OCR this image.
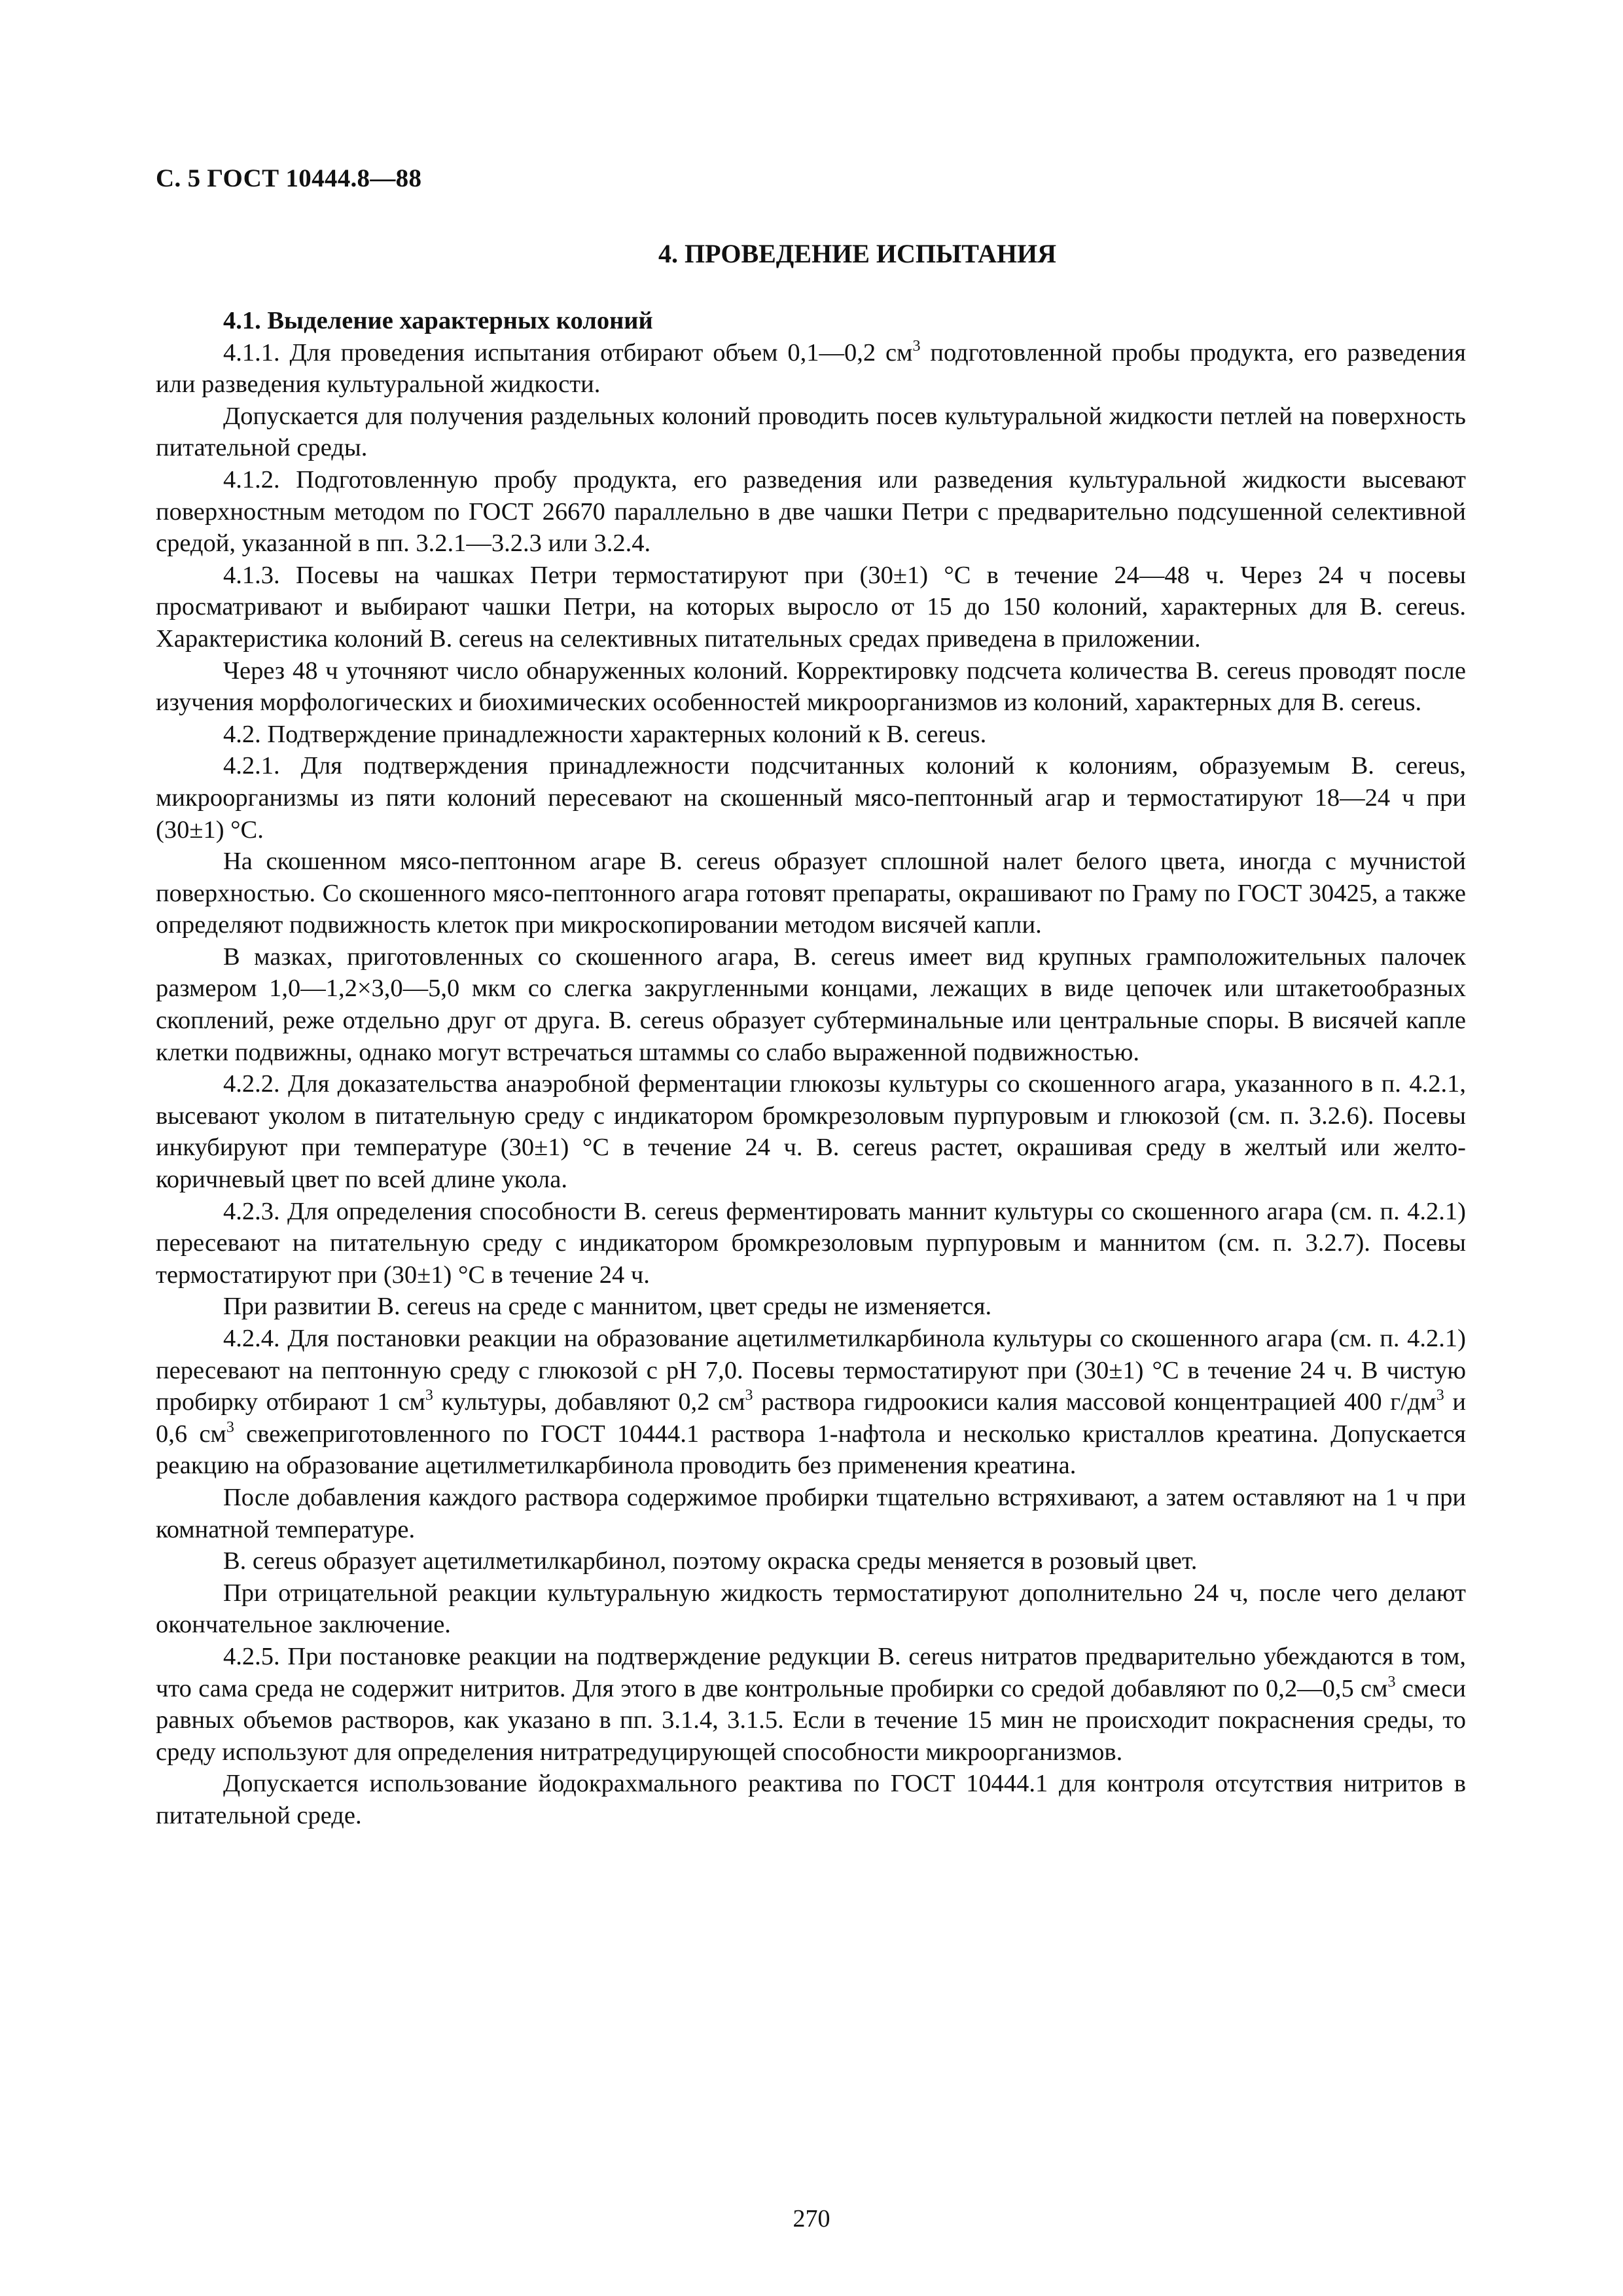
С. 5 ГОСТ 10444.8—88
4. ПРОВЕДЕНИЕ ИСПЫТАНИЯ

4.1. Выделение характерных колоний

4.1.1. Для проведения испытания отбирают объем 0,1—0,2 $см^3$ подготовленной пробы продукта, его разведения или разведения культуральной жидкости.

Допускается для получения раздельных колоний проводить посев культуральной жидкости петлей на поверхность питательной среды.

4.1.2. Подготовленную пробу продукта, его разведения или разведения культуральной жидкости высевают поверхностным методом по ГОСТ 26670 параллельно в две чашки Петри с предварительно подсушенной селективной средой, указанной в пп. 3.2.1—3.2.3 или 3.2.4.

4.1.3. Посевы на чашках Петри термостатируют при (30±1) °С в течение 24—48 ч. Через 24 ч посевы просматривают и выбирают чашки Петри, на которых выросло от 15 до 150 колоний, характерных для B. cereus. Характеристика колоний B. cereus на селективных питательных средах приведена в приложении.

Через 48 ч уточняют число обнаруженных колоний. Корректировку подсчета количества B. cereus проводят после изучения морфологических и биохимических особенностей микроорганизмов из колоний, характерных для B. cereus.

4.2. Подтверждение принадлежности характерных колоний к B. cereus.

4.2.1. Для подтверждения принадлежности подсчитанных колоний к колониям, образуемым B. cereus, микроорганизмы из пяти колоний пересевают на скошенный мясо-пептонный агар и термостатируют 18—24 ч при (30±1) °С.

На скошенном мясо-пептонном агаре B. cereus образует сплошной налет белого цвета, иногда с мучнистой поверхностью. Со скошенного мясо-пептонного агара готовят препараты, окрашивают по Граму по ГОСТ 30425, а также определяют подвижность клеток при микроскопировании методом висячей капли.

В мазках, приготовленных со скошенного агара, B. cereus имеет вид крупных грамположительных палочек размером 1,0—1,2×3,0—5,0 мкм со слегка закругленными концами, лежащих в виде цепочек или штакетообразных скоплений, реже отдельно друг от друга. B. cereus образует субтерминальные или центральные споры. В висячей капле клетки подвижны, однако могут встречаться штаммы со слабо выраженной подвижностью.

4.2.2. Для доказательства анаэробной ферментации глюкозы культуры со скошенного агара, указанного в п. 4.2.1, высевают уколом в питательную среду с индикатором бромкрезоловым пурпуровым и глюкозой (см. п. 3.2.6). Посевы инкубируют при температуре (30±1) °С в течение 24 ч. B. cereus растет, окрашивая среду в желтый или желто-коричневый цвет по всей длине укола.

4.2.3. Для определения способности B. cereus ферментировать маннит культуры со скошенного агара (см. п. 4.2.1) пересевают на питательную среду с индикатором бромкрезоловым пурпуровым и маннитом (см. п. 3.2.7). Посевы термостатируют при (30±1) °С в течение 24 ч.

При развитии B. cereus на среде с маннитом, цвет среды не изменяется.

4.2.4. Для постановки реакции на образование ацетилметилкарбинола культуры со скошенного агара (см. п. 4.2.1) пересевают на пептонную среду с глюкозой с pH 7,0. Посевы термостатируют при (30±1) °С в течение 24 ч. В чистую пробирку отбирают 1 $см^3$ культуры, добавляют 0,2 $см^3$ раствора гидроокиси калия массовой концентрацией 400 $г/дм^3$ и 0,6 $см^3$ свежеприготовленного по ГОСТ 10444.1 раствора 1-нафтола и несколько кристаллов креатина. Допускается реакцию на образование ацетилметилкарбинола проводить без применения креатина.

После добавления каждого раствора содержимое пробирки тщательно встряхивают, а затем оставляют на 1 ч при комнатной температуре.

B. cereus образует ацетилметилкарбинол, поэтому окраска среды меняется в розовый цвет.

При отрицательной реакции культуральную жидкость термостатируют дополнительно 24 ч, после чего делают окончательное заключение.

4.2.5. При постановке реакции на подтверждение редукции B. cereus нитратов предварительно убеждаются в том, что сама среда не содержит нитритов. Для этого в две контрольные пробирки со средой добавляют по 0,2—0,5 $см^3$ смеси равных объемов растворов, как указано в пп. 3.1.4, 3.1.5. Если в течение 15 мин не происходит покраснения среды, то среду используют для определения нитратредуцирующей способности микроорганизмов.

Допускается использование йодокрахмального реактива по ГОСТ 10444.1 для контроля отсутствия нитритов в питательной среде.

270
